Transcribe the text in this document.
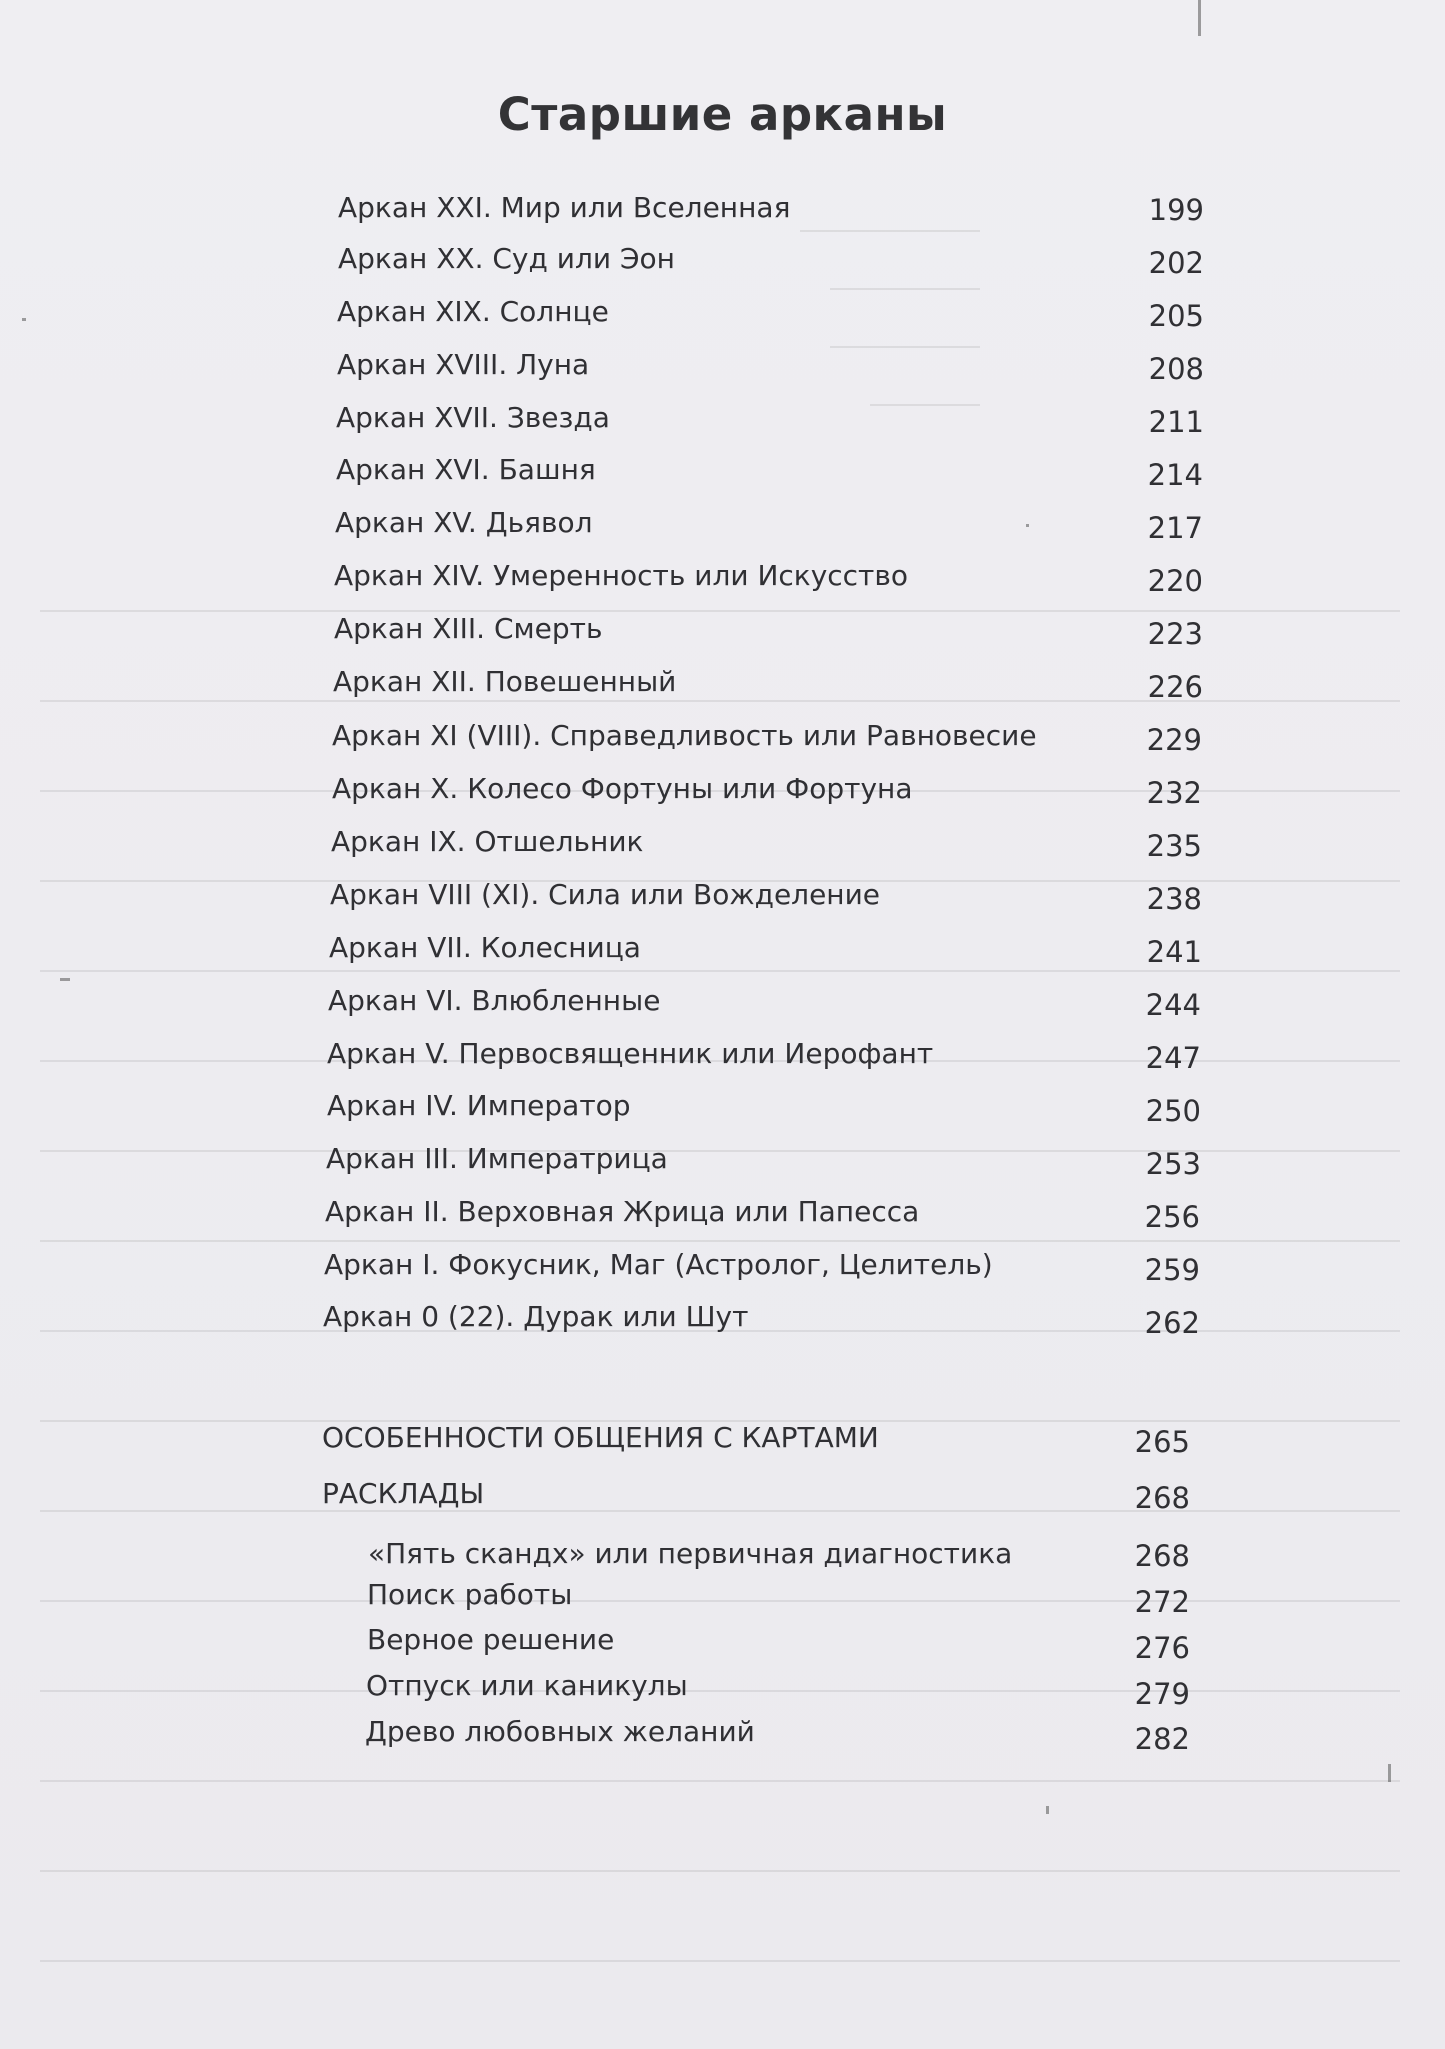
Старшие арканы
Аркан XXI. Мир или Вселенная	199
Аркан XX. Суд или Эон	202
Аркан XIX. Солнце	205
Аркан XVIII. Луна	208
Аркан XVII. Звезда	211
Аркан XVI. Башня	214
Аркан XV. Дьявол	217
Аркан XIV. Умеренность или Искусство	220
Аркан XIII. Смерть	223
Аркан XII. Повешенный	226
Аркан XI (VIII). Справедливость или Равновесие	229
Аркан X. Колесо Фортуны или Фортуна	232
Аркан IX. Отшельник	235
Аркан VIII (XI). Сила или Вожделение	238
Аркан VII. Колесница	241
Аркан VI. Влюбленные	244
Аркан V. Первосвященник или Иерофант	247
Аркан IV. Император	250
Аркан III. Императрица	253
Аркан II. Верховная Жрица или Папесса	256
Аркан I. Фокусник, Маг (Астролог, Целитель)	259
Аркан 0 (22). Дурак или Шут	262
ОСОБЕННОСТИ ОБЩЕНИЯ С КАРТАМИ	265
РАСКЛАДЫ	268
«Пять скандх» или первичная диагностика	268
Поиск работы	272
Верное решение	276
Отпуск или каникулы	279
Древо любовных желаний	282
